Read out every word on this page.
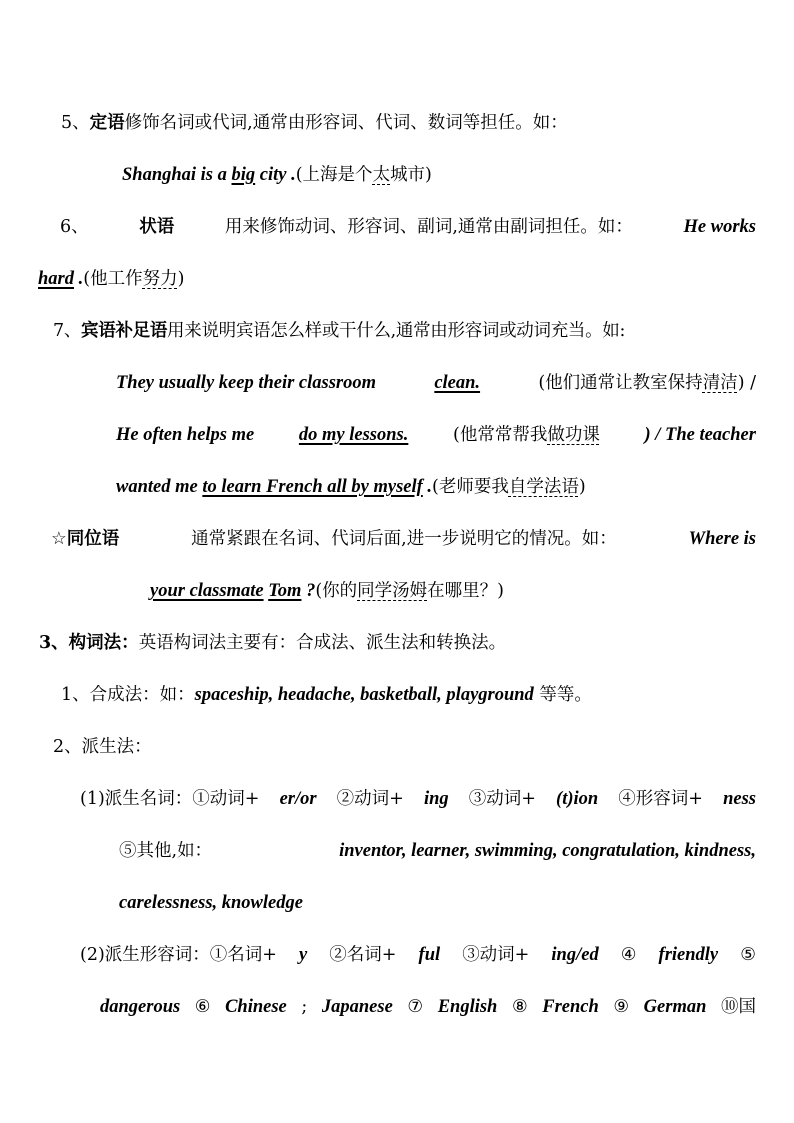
5、定语修饰名词或代词,通常由形容词、代词、数词等担任。如：
Shanghai is a big city .(上海是个太城市)
6、	状语	用来修饰动词、形容词、副词,通常由副词担任。如：	He works
hard .(他工作努力)
7、宾语补足语用来说明宾语怎么样或干什么,通常由形容词或动词充当。如:
They usually keep their classroom	clean.	(他们通常让教室保持清洁) /
He often helps me do my lessons.	(他常常帮我做功课 ) / The teacher
wanted me to learn French all by myself .(老师要我自学法语)
☆同位语	通常紧跟在名词、代词后面,进一步说明它的情况。如：	Where is
your classmate Tom ?(你的同学汤姆在哪里？)
3、构词法：英语构词法主要有：合成法、派生法和转换法。
1、合成法：如：spaceship, headache, basketball, playground 等等。
2、派生法：
(1)派生名词：①动词+ er/or ②动词+ ing ③动词+ (t)ion ④形容词+ ness
⑤其他,如：	inventor, learner, swimming, congratulation, kindness,
carelessness, knowledge
(2)派生形容词：①名词+ y ②名词+ ful ③动词+ ing/ed ④ friendly ⑤
dangerous ⑥ Chinese ; Japanese ⑦ English ⑧ French ⑨ German ⑩国
